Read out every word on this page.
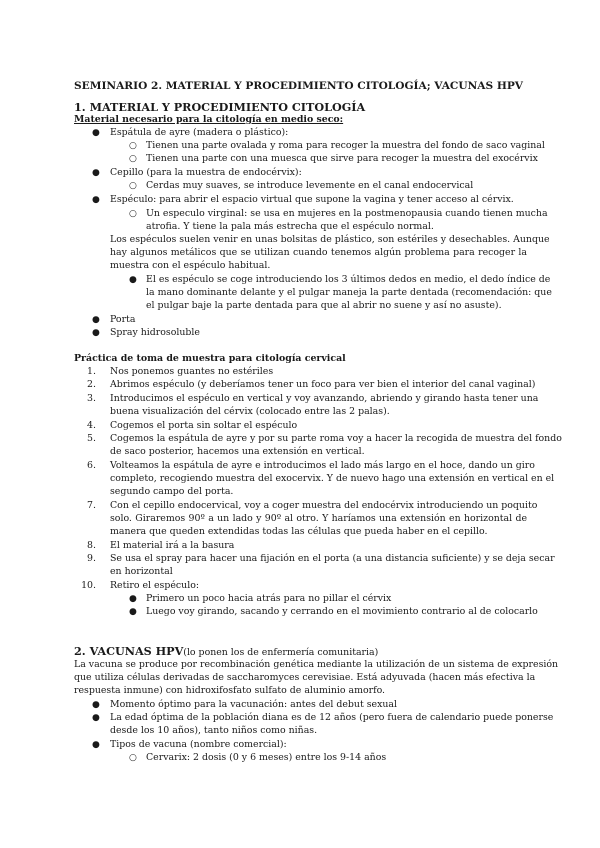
SEMINARIO 2. MATERIAL Y PROCEDIMIENTO CITOLOGÍA; VACUNAS HPV
1. MATERIAL Y PROCEDIMIENTO CITOLOGÍA
Material necesario para la citología en medio seco:
● Espátula de ayre (madera o plástico):
○ Tienen una parte ovalada y roma para recoger la muestra del fondo de saco vaginal
○ Tienen una parte con una muesca que sirve para recoger la muestra del exocérvix
● Cepillo (para la muestra de endocérvix):
○ Cerdas muy suaves, se introduce levemente en el canal endocervical
● Espéculo: para abrir el espacio virtual que supone la vagina y tener acceso al cérvix.
○ Un especulo virginal: se usa en mujeres en la postmenopausia cuando tienen mucha
atrofia. Y tiene la pala más estrecha que el espéculo normal.
Los espéculos suelen venir en unas bolsitas de plástico, son estériles y desechables. Aunque
hay algunos metálicos que se utilizan cuando tenemos algún problema para recoger la
muestra con el espéculo habitual.
● El es espéculo se coge introduciendo los 3 últimos dedos en medio, el dedo índice de
la mano dominante delante y el pulgar maneja la parte dentada (recomendación: que
el pulgar baje la parte dentada para que al abrir no suene y así no asuste).
● Porta
● Spray hidrosoluble
Práctica de toma de muestra para citología cervical
1. Nos ponemos guantes no estériles
2. Abrimos espéculo (y deberíamos tener un foco para ver bien el interior del canal vaginal)
3. Introducimos el espéculo en vertical y voy avanzando, abriendo y girando hasta tener una
buena visualización del cérvix (colocado entre las 2 palas).
4. Cogemos el porta sin soltar el espéculo
5. Cogemos la espátula de ayre y por su parte roma voy a hacer la recogida de muestra del fondo
de saco posterior, hacemos una extensión en vertical.
6. Volteamos la espátula de ayre e introducimos el lado más largo en el hoce, dando un giro
completo, recogiendo muestra del exocervix. Y de nuevo hago una extensión en vertical en el
segundo campo del porta.
7. Con el cepillo endocervical, voy a coger muestra del endocérvix introduciendo un poquito
solo. Giraremos 90º a un lado y 90º al otro. Y haríamos una extensión en horizontal de
manera que queden extendidas todas las células que pueda haber en el cepillo.
8. El material irá a la basura
9. Se usa el spray para hacer una fijación en el porta (a una distancia suficiente) y se deja secar
en horizontal
10. Retiro el espéculo:
● Primero un poco hacia atrás para no pillar el cérvix
● Luego voy girando, sacando y cerrando en el movimiento contrario al de colocarlo
2. VACUNAS HPV(lo ponen los de enfermería comunitaria)
La vacuna se produce por recombinación genética mediante la utilización de un sistema de expresión
que utiliza células derivadas de saccharomyces cerevisiae. Está adyuvada (hacen más efectiva la
respuesta inmune) con hidroxifosfato sulfato de aluminio amorfo.
● Momento óptimo para la vacunación: antes del debut sexual
● La edad óptima de la población diana es de 12 años (pero fuera de calendario puede ponerse
desde los 10 años), tanto niños como niñas.
● Tipos de vacuna (nombre comercial):
○ Cervarix: 2 dosis (0 y 6 meses) entre los 9-14 años
